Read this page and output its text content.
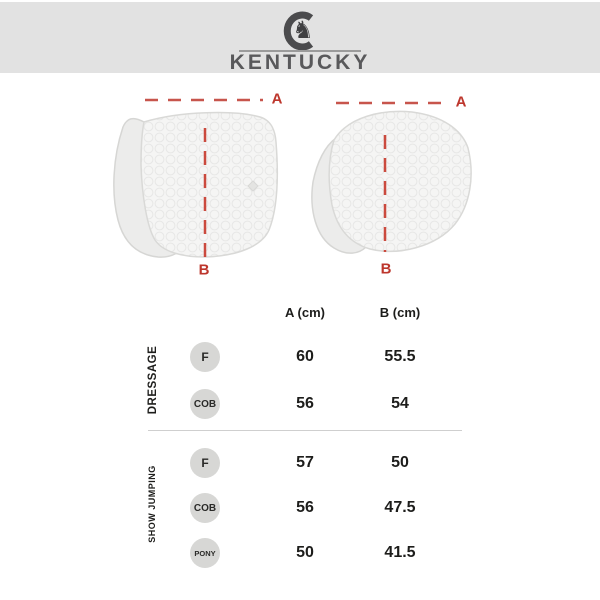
♞
KENTUCKY
A
B
A
B
A (cm)	B (cm)
DRESSAGE
SHOW JUMPING
F	60	55.5
COB	56	54
F	57	50
COB	56	47.5
PONY	50	41.5
